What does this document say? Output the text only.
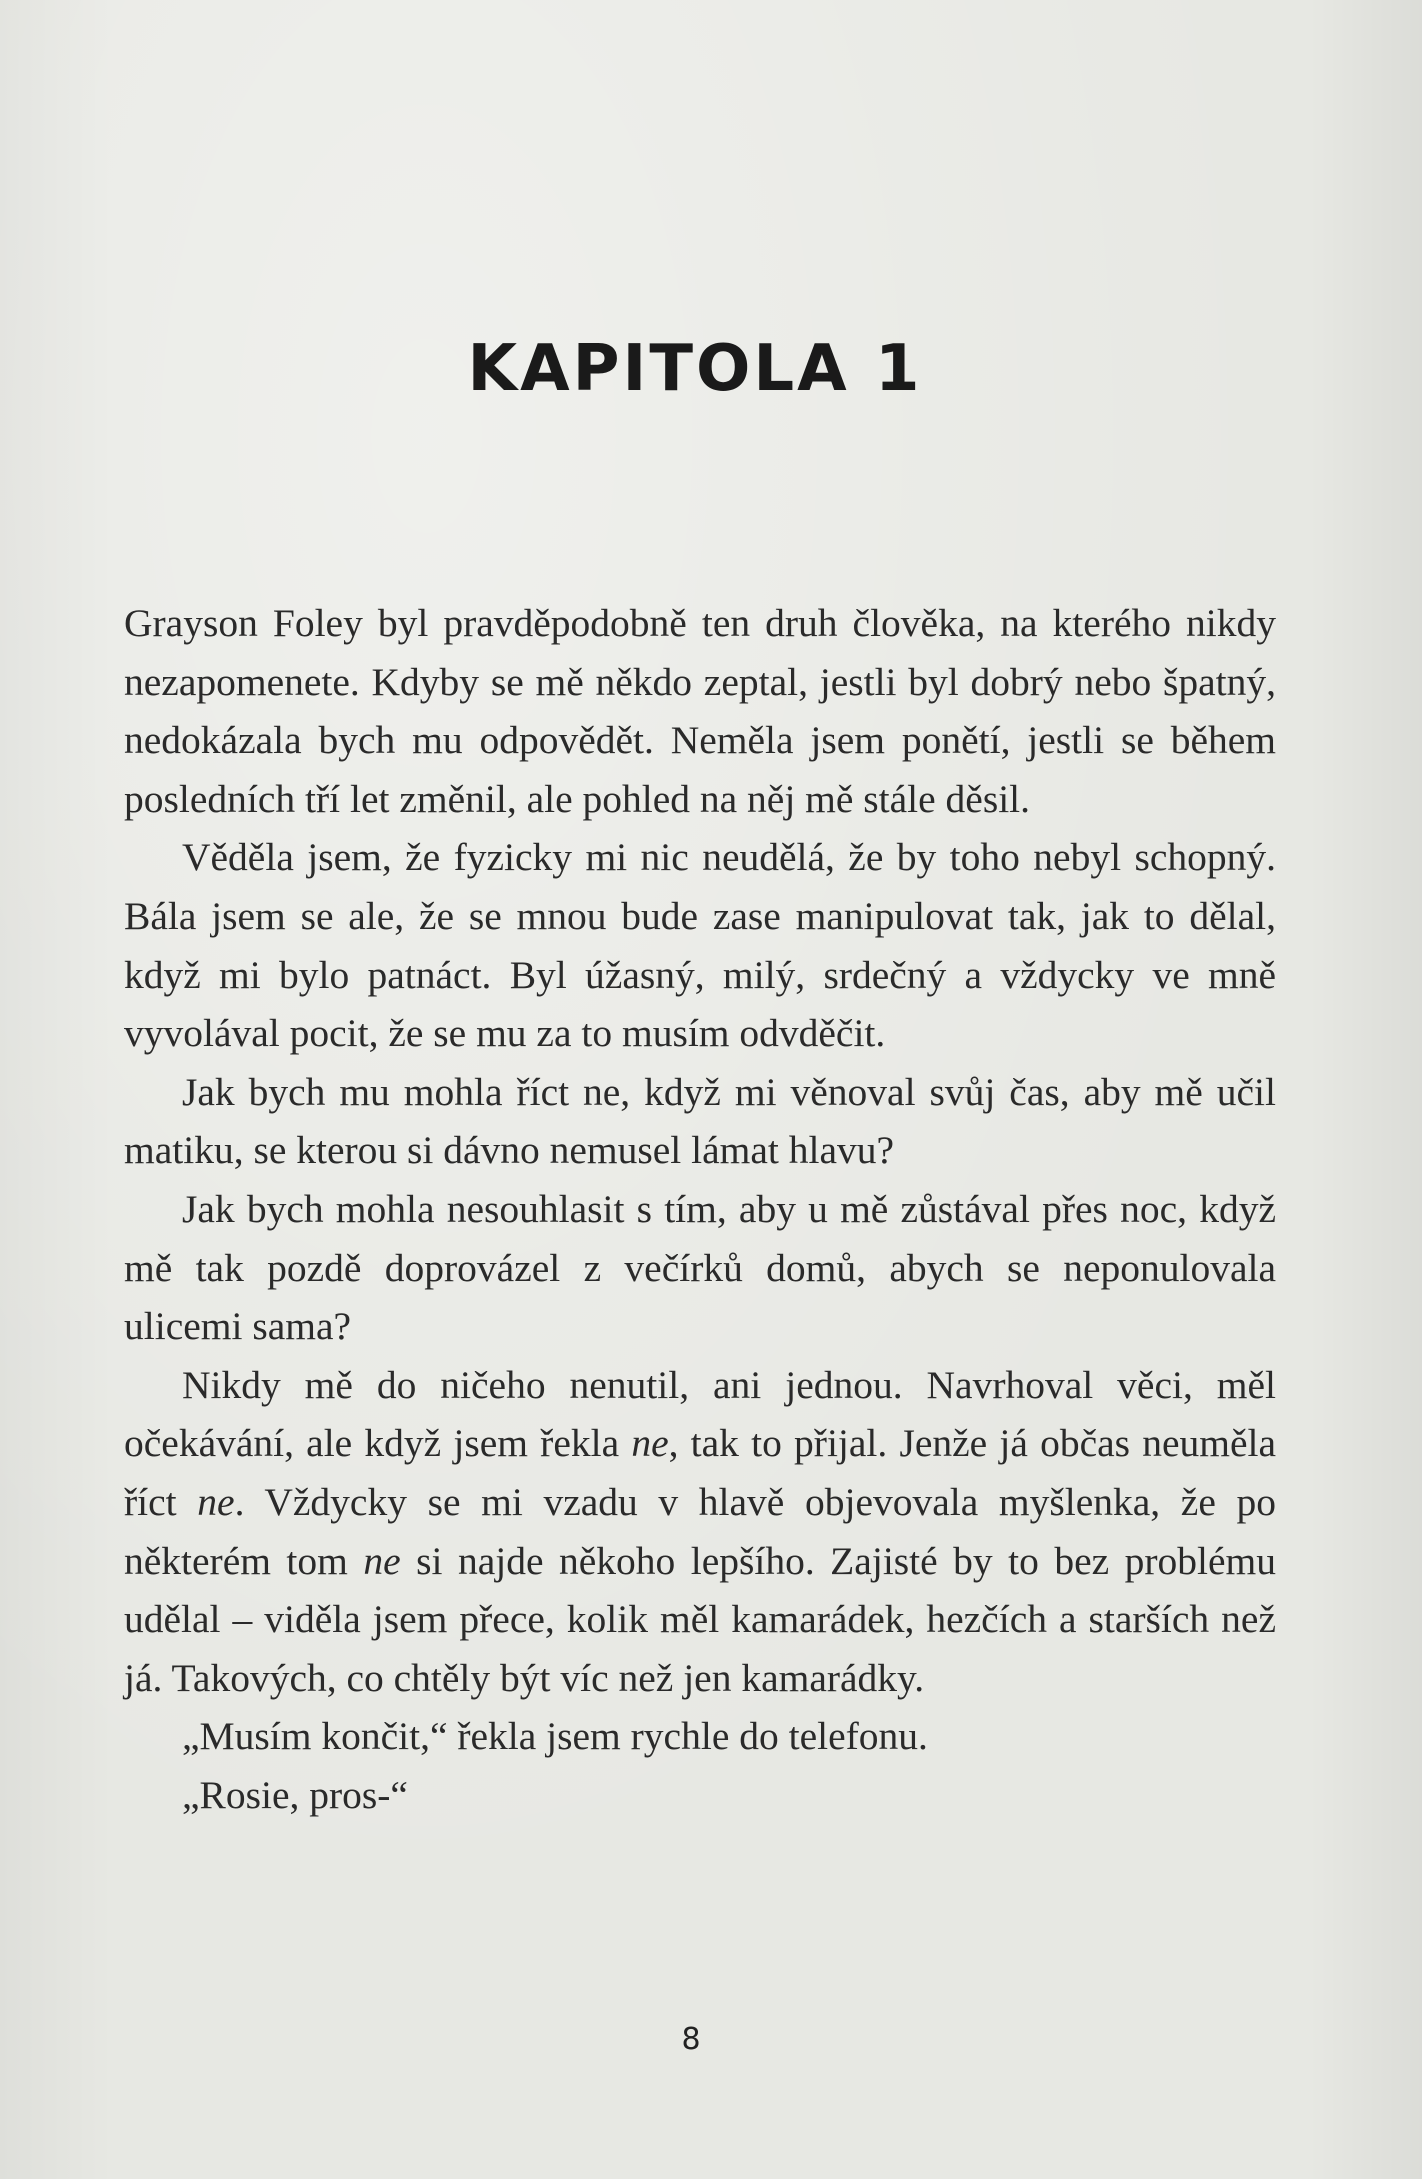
KAPITOLA 1

Grayson Foley byl pravděpodobně ten druh člověka, na kterého nikdy nezapomenete. Kdyby se mě někdo zeptal, jestli byl dobrý nebo špatný, nedokázala bych mu odpovědět. Neměla jsem ponětí, jestli se během posledních tří let změnil, ale pohled na něj mě stále děsil.

Věděla jsem, že fyzicky mi nic neudělá, že by toho nebyl schopný. Bála jsem se ale, že se mnou bude zase manipulovat tak, jak to dělal, když mi bylo patnáct. Byl úžasný, milý, srdečný a vždycky ve mně vyvolával pocit, že se mu za to musím odvděčit.

Jak bych mu mohla říct ne, když mi věnoval svůj čas, aby mě učil matiku, se kterou si dávno nemusel lámat hlavu?

Jak bych mohla nesouhlasit s tím, aby u mě zůstával přes noc, když mě tak pozdě doprovázel z večírků domů, abych se neponulovala ulicemi sama?

Nikdy mě do ničeho nenutil, ani jednou. Navrhoval věci, měl očekávání, ale když jsem řekla ne, tak to přijal. Jenže já občas neuměla říct ne. Vždycky se mi vzadu v hlavě objevovala myšlenka, že po některém tom ne si najde někoho lepšího. Zajisté by to bez problému udělal – viděla jsem přece, kolik měl kamarádek, hezčích a starších než já. Takových, co chtěly být víc než jen kamarádky.

„Musím končit,“ řekla jsem rychle do telefonu.

„Rosie, pros-“

8
